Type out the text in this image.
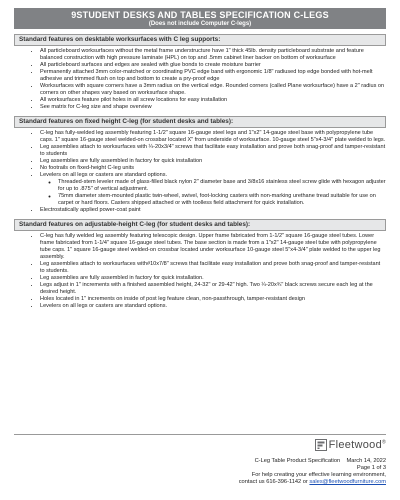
9STUDENT DESKS AND TABLES SPECIFICATION C-LEGS
(Does not include Computer C-legs)
Standard features on desktable worksurfaces with C leg supports:
• All particleboard worksurfaces without the metal frame understructure have 1" thick 45lb. density particleboard substrate and feature balanced construction with high pressure laminate (HPL) on top and .5mm cabinet liner backer on bottom of worksurface
• All particleboard surfaces and edges are sealed with glue bonds to create moisture barrier
• Permanently attached 3mm color-matched or coordinating PVC edge band with ergonomic 1/8" radiused top edge bonded with hot-melt adhesive and trimmed flush on top and bottom to create a pry-proof edge
• Worksurfaces with square corners have a 3mm radius on the vertical edge. Rounded corners (called Plane worksurface) have a 2" radius on corners on other shapes vary based on worksurface shape.
• All worksurfaces feature pilot holes in all screw locations for easy installation
• See matrix for C-leg size and shape overview
Standard features on fixed height C-leg (for student desks and tables):
• C-leg has fully-welded leg assembly featuring 1-1/2" square 16-gauge steel legs and 1"x2" 14-gauge steel base with polypropylene tube caps. 1" square 16-gauge steel welded-on crossbar located X" from underside of worksurface. 10-gauge steel 5"x4-3/4" plate welded to legs.
• Leg assemblies attach to worksurfaces with ¼-20x3/4" screws that facilitate easy installation and prove both snag-proof and tamper-resistant to students
• Leg assemblies are fully assembled in factory for quick installation
• No footrails on fixed-height C-leg units
• Levelers on all legs or casters are standard options.
◦ Threaded-stem leveler made of glass-filled black nylon 2" diameter base and 3/8x16 stainless steel screw glide with hexagon adjuster for up to .875" of vertical adjustment.
◦ 75mm diameter stem-mounted plastic twin-wheel, swivel, foot-locking casters with non-marking urethane tread suitable for use on carpet or hard floors. Casters shipped attached or with toolless field attachment for quick installation.
• Electrostatically applied power-coat paint
Standard features on adjustable-height C-leg (for student desks and tables):
• C-leg has fully welded leg assembly featuring telescopic design. Upper frame fabricated from 1-1/2" square 16-gauge steel tubes. Lower frame fabricated from 1-1/4" square 16-gauge steel tubes. The base section is made from a 1"x2" 14-gauge steel tube with polypropylene tube caps. 1" square 16-gauge steel welded-on crossbar located under worksurface 10-gauge steel 5"x4-3/4" plate welded to the upper leg assembly.
• Leg assemblies attach to worksurfaces with#10x7/8" screws that facilitate easy installation and prove both snag-proof and tamper-resistant to students.
• Leg assemblies are fully assembled in factory for quick installation.
• Legs adjust in 1" increments with a finished assembled height, 24-32" or 29-42" high. Two ¼-20x¾" black screws secure each leg at the desired height.
• Holes located in 1" increments on inside of post leg feature clean, non-passthrough, tamper-resistant design
• Levelers on all legs or casters are standard options.
Fleetwood®
C-Leg Table Product Specification    March 14, 2022
Page 1 of 3
For help creating your effective learning environment,
contact us 616-396-1142 or sales@fleetwoodfurniture.com
